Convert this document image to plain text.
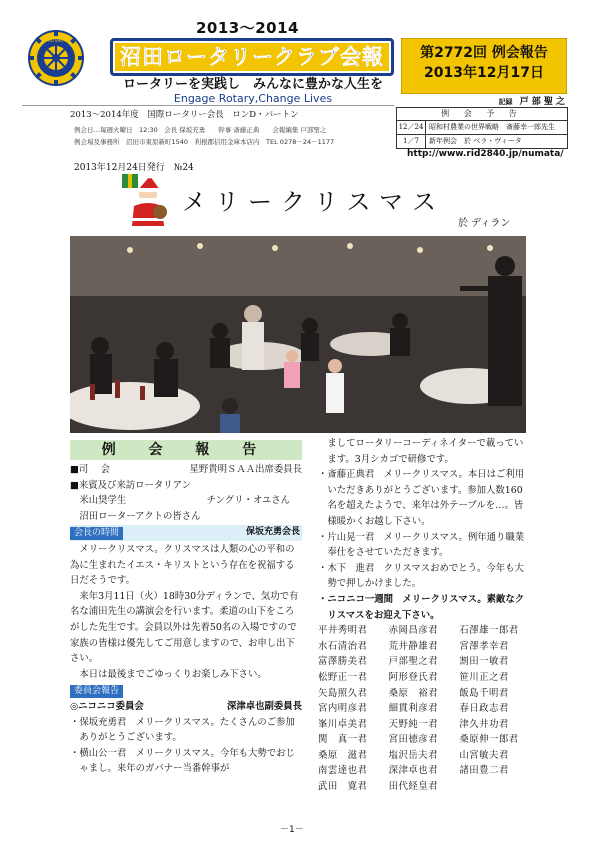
ROTARY
2013～2014
沼田ロータリークラブ会報
ロータリーを実践し　みんなに豊かな人生を
Engage Rotary,Change Lives
2013～2014年度　国際ロータリー会長　ロンD・バートン
例会日…毎週火曜日　12:30　会長 保坂充勇　　幹事 斎藤正典　　会報編集 戸部聖之
例会場及事務所　沼田市東原新町1540　利根郡信用金庫本店内　TEL 0278－24－1177
第2772回 例会報告
2013年12月17日
記録 戸 部 聖 之
例 会 予 告
12／24 昭和村農業の世界戦略　斎藤幸一郎先生
1／7	新年例会　於 ベラ・ヴィータ
http://www.rid2840.jp/numata/
2013年12月24日発行　№24
メリークリスマス
於 ディラン
例 会 報 告
■司　 会	星野貴明ＳＡＡ出席委員長
■来賓及び来訪ロータリアン
米山奨学生	チングリ・オユさん
沼田ローターアクトの皆さん
会長の時間	保坂充勇会長

メリークリスマス。クリスマスは人類の心の平和の為に生まれたイエス・キリストという存在を祝福する日だそうです。

来年3月11日（火）18時30分ディランで、気功で有名な浦田先生の講演会を行います。柔道の山下をころがした先生です。会員以外は先着50名の入場ですので家族の皆様は優先してご用意しますので、お申し出下さい。

本日は最後までごゆっくりお楽しみ下さい。

委員会報告
◎ニコニコ委員会	深津卓也副委員長

・保坂充勇君　メリークリスマス。たくさんのご参加ありがとうございます。

・横山公一君　メリークリスマス。今年も大勢でおじゃまし。来年のガバナー当番幹事が

ましてロータリーコーディネイターで載っています。3月シカゴで研修です。

・斎藤正典君　メリークリスマス。本日はご利用いただきありがとうございます。参加人数160名を超えたようで、来年は外テーブルを…。皆様暖かくお越し下さい。

・片山晃一君　メリークリスマス。例年通り職業奉仕をさせていただきます。

・木下　進君　クリスマスおめでとう。今年も大勢で押しかけました。

・ニコニコ一週間　メリークリスマス。素敵なクリスマスをお迎え下さい。

平井秀明君	赤岡昌彦君	石澤雄一郎君
水石清治君	荒井静雄君	宮澤孝幸君
富澤勝美君	戸部聖之君	割田一敏君
松野正一君	阿形登氏君	笹川正之君
矢島照久君	桑原　裕君	飯島千明君
宮内明彦君	細貫利彦君	春日政志君
峯川卓美君	天野純一君	津久井功君
関　真一君	宮田徳彦君	桑原伸一郎君
桑原　滋君	塩沢岳夫君	山宮敏夫君
南雲達也君	深津卓也君	諸田豊二君
武田　寛君	田代経皇君
－1－
